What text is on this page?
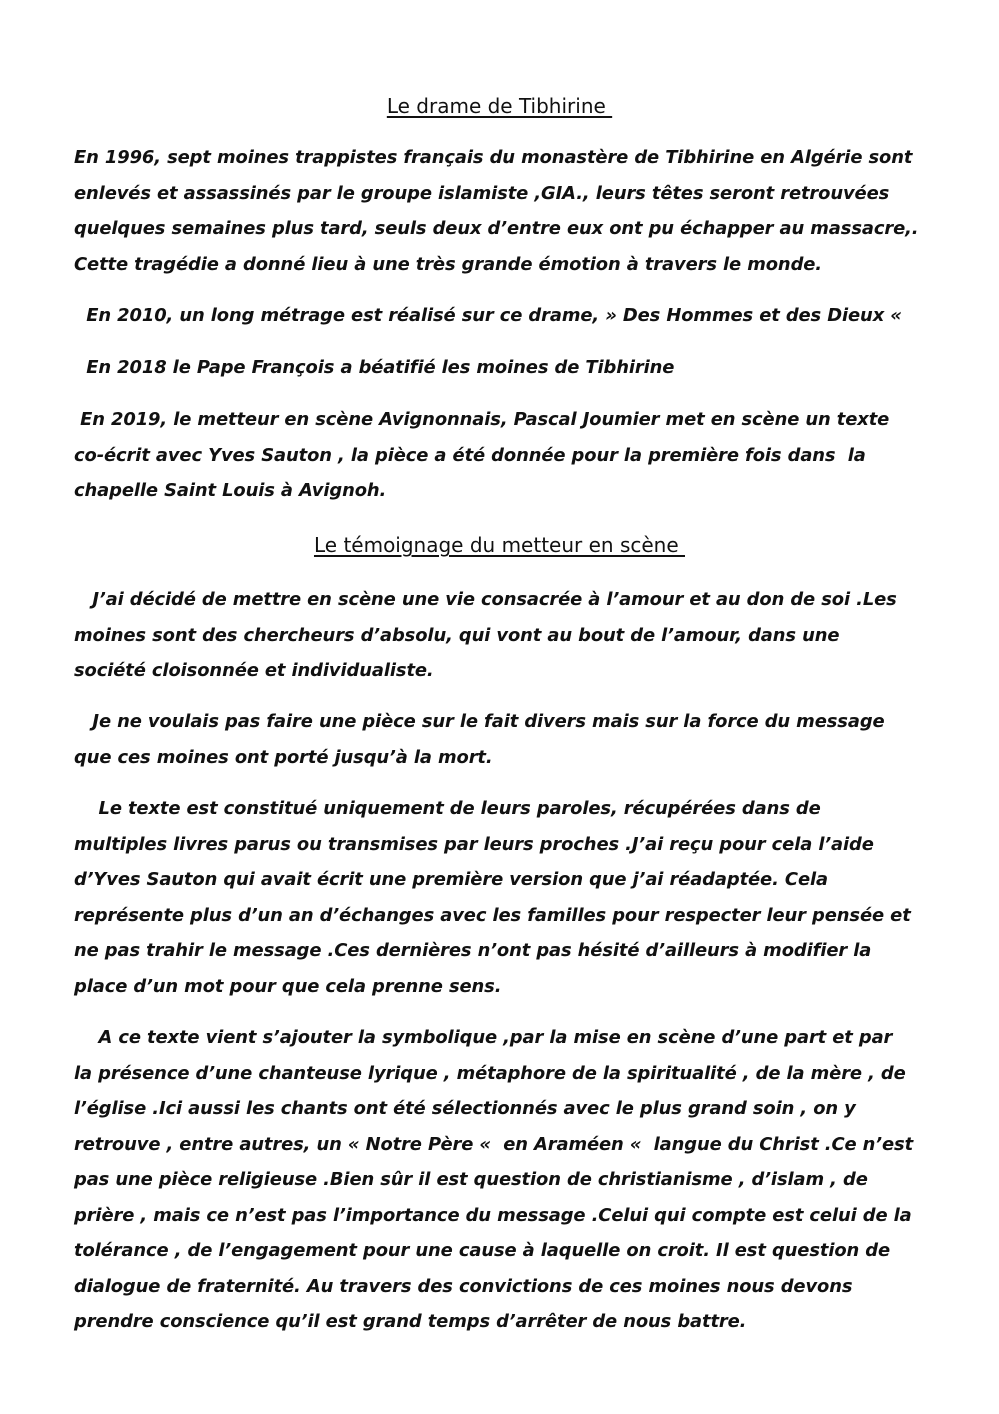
Le drame de Tibhirine
En 1996, sept moines trappistes français du monastère de Tibhirine en Algérie sont
enlevés et assassinés par le groupe islamiste ,GIA., leurs têtes seront retrouvées
quelques semaines plus tard, seuls deux d’entre eux ont pu échapper au massacre,.
Cette tragédie a donné lieu à une très grande émotion à travers le monde.
En 2010, un long métrage est réalisé sur ce drame, » Des Hommes et des Dieux «
En 2018 le Pape François a béatifié les moines de Tibhirine
En 2019, le metteur en scène Avignonnais, Pascal Joumier met en scène un texte
co-écrit avec Yves Sauton , la pièce a été donnée pour la première fois dans  la
chapelle Saint Louis à Avignoh.
Le témoignage du metteur en scène
J’ai décidé de mettre en scène une vie consacrée à l’amour et au don de soi .Les
moines sont des chercheurs d’absolu, qui vont au bout de l’amour, dans une
société cloisonnée et individualiste.
Je ne voulais pas faire une pièce sur le fait divers mais sur la force du message
que ces moines ont porté jusqu’à la mort.
Le texte est constitué uniquement de leurs paroles, récupérées dans de
multiples livres parus ou transmises par leurs proches .J’ai reçu pour cela l’aide
d’Yves Sauton qui avait écrit une première version que j’ai réadaptée. Cela
représente plus d’un an d’échanges avec les familles pour respecter leur pensée et
ne pas trahir le message .Ces dernières n’ont pas hésité d’ailleurs à modifier la
place d’un mot pour que cela prenne sens.
A ce texte vient s’ajouter la symbolique ,par la mise en scène d’une part et par
la présence d’une chanteuse lyrique , métaphore de la spiritualité , de la mère , de
l’église .Ici aussi les chants ont été sélectionnés avec le plus grand soin , on y
retrouve , entre autres, un « Notre Père «  en Araméen «  langue du Christ .Ce n’est
pas une pièce religieuse .Bien sûr il est question de christianisme , d’islam , de
prière , mais ce n’est pas l’importance du message .Celui qui compte est celui de la
tolérance , de l’engagement pour une cause à laquelle on croit. Il est question de
dialogue de fraternité. Au travers des convictions de ces moines nous devons
prendre conscience qu’il est grand temps d’arrêter de nous battre.
